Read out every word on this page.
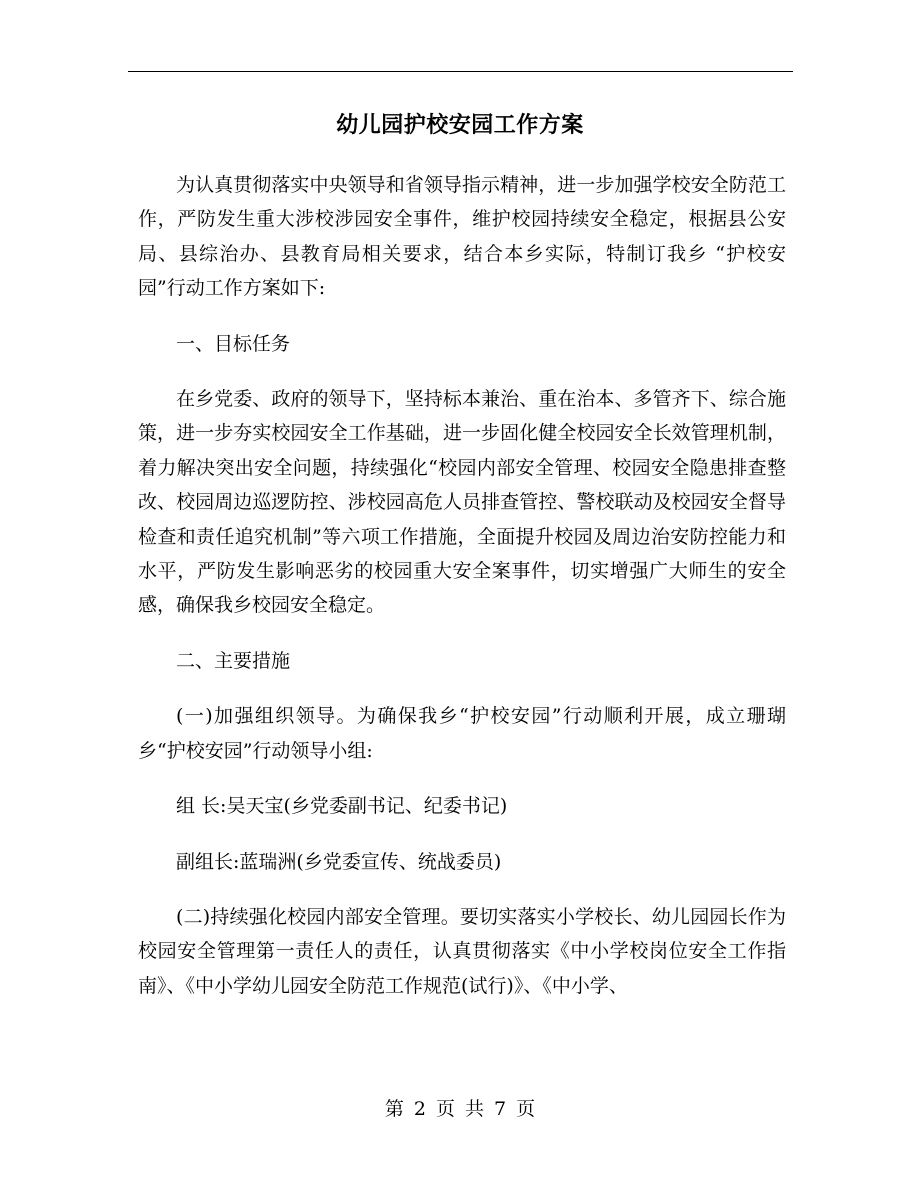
幼儿园护校安园工作方案

为认真贯彻落实中央领导和省领导指示精神，进一步加强学校安全防范工作，严防发生重大涉校涉园安全事件，维护校园持续安全稳定，根据县公安局、县综治办、县教育局相关要求，结合本乡实际，特制订我乡 “护校安园”行动工作方案如下:

一、目标任务

在乡党委、政府的领导下，坚持标本兼治、重在治本、多管齐下、综合施策，进一步夯实校园安全工作基础，进一步固化健全校园安全长效管理机制，着力解决突出安全问题，持续强化“校园内部安全管理、校园安全隐患排查整改、校园周边巡逻防控、涉校园高危人员排查管控、警校联动及校园安全督导检查和责任追究机制”等六项工作措施，全面提升校园及周边治安防控能力和水平，严防发生影响恶劣的校园重大安全案事件，切实增强广大师生的安全感，确保我乡校园安全稳定。

二、主要措施

(一)加强组织领导。为确保我乡“护校安园”行动顺利开展，成立珊瑚乡“护校安园”行动领导小组:

组 长:吴天宝(乡党委副书记、纪委书记)

副组长:蓝瑞洲(乡党委宣传、统战委员)

(二)持续强化校园内部安全管理。要切实落实小学校长、幼儿园园长作为校园安全管理第一责任人的责任，认真贯彻落实《中小学校岗位安全工作指南》、《中小学幼儿园安全防范工作规范(试行)》、《中小学、

第 2 页 共 7 页
